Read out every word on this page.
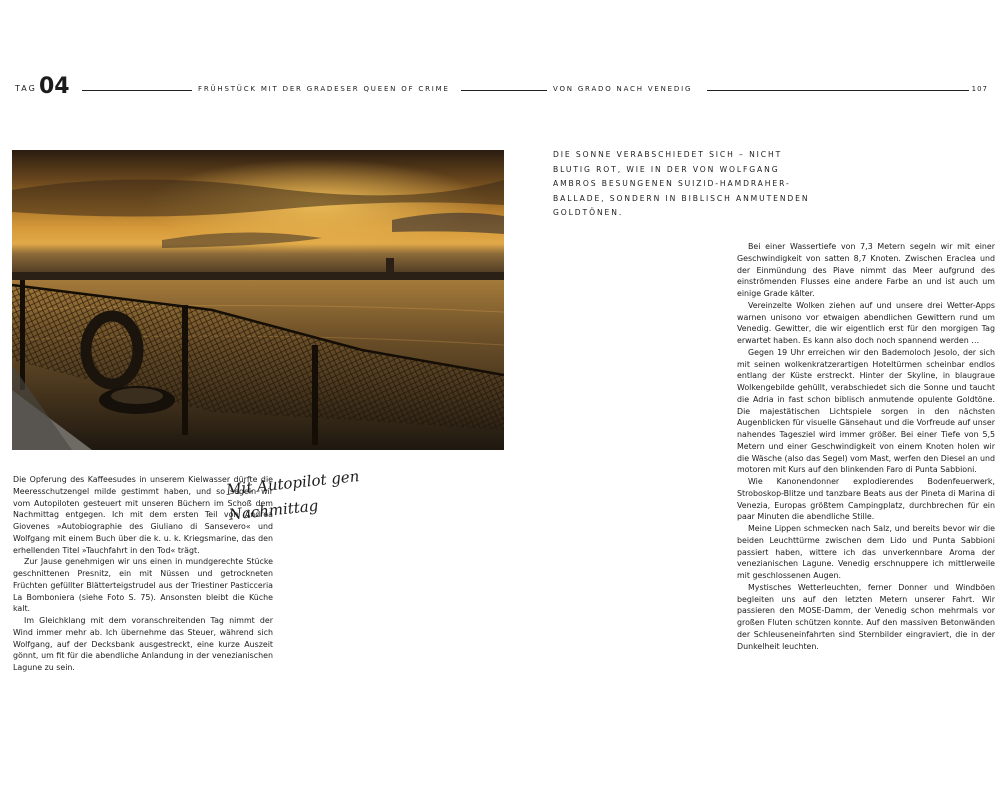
TAG 04	FRÜHSTÜCK MIT DER GRADESER QUEEN OF CRIME	VON GRADO NACH VENEDIG	107
DIE SONNE VERABSCHIEDET SICH – NICHT BLUTIG ROT, WIE IN DER VON WOLFGANG AMBROS BESUNGENEN SUIZID-HAMDRAHER-BALLADE, SONDERN IN BIBLISCH ANMUTENDEN GOLDTÖNEN.
Mit Autopilot gen
Nachmittag

Die Opferung des Kaffeesudes in unserem Kielwasser dürfte die Meeresschutzengel milde gestimmt haben, und so segeln wir vom Autopiloten gesteuert mit unseren Büchern im Schoß dem Nachmittag entgegen. Ich mit dem ersten Teil von Andrea Giovenes »Autobiographie des Giuliano di Sansevero« und Wolfgang mit einem Buch über die k. u. k. Kriegsmarine, das den erhellenden Titel »Tauchfahrt in den Tod« trägt.

Zur Jause genehmigen wir uns einen in mundgerechte Stücke geschnittenen Presnitz, ein mit Nüssen und getrockneten Früchten gefüllter Blätterteigstrudel aus der Triestiner Pasticceria La Bomboniera (siehe Foto S. 75). Ansonsten bleibt die Küche kalt.

Im Gleichklang mit dem voranschreitenden Tag nimmt der Wind immer mehr ab. Ich übernehme das Steuer, während sich Wolfgang, auf der Decksbank ausgestreckt, eine kurze Auszeit gönnt, um fit für die abendliche Anlandung in der venezianischen Lagune zu sein.

Bei einer Wassertiefe von 7,3 Metern segeln wir mit einer Geschwindigkeit von satten 8,7 Knoten. Zwischen Eraclea und der Einmündung des Piave nimmt das Meer aufgrund des einströmenden Flusses eine andere Farbe an und ist auch um einige Grade kälter.

Vereinzelte Wolken ziehen auf und unsere drei Wetter-Apps warnen unisono vor etwaigen abendlichen Gewittern rund um Venedig. Gewitter, die wir eigentlich erst für den morgigen Tag erwartet haben. Es kann also doch noch spannend werden …

Gegen 19 Uhr erreichen wir den Bademoloch Jesolo, der sich mit seinen wolkenkratzerartigen Hoteltürmen scheinbar endlos entlang der Küste erstreckt. Hinter der Skyline, in blaugraue Wolkengebilde gehüllt, verabschiedet sich die Sonne und taucht die Adria in fast schon biblisch anmutende opulente Goldtöne. Die majestätischen Lichtspiele sorgen in den nächsten Augenblicken für visuelle Gänsehaut und die Vorfreude auf unser nahendes Tagesziel wird immer größer. Bei einer Tiefe von 5,5 Metern und einer Geschwindigkeit von einem Knoten holen wir die Wäsche (also das Segel) vom Mast, werfen den Diesel an und motoren mit Kurs auf den blinkenden Faro di Punta Sabbioni.

Wie Kanonendonner explodierendes Bodenfeuerwerk, Stroboskop-Blitze und tanzbare Beats aus der Pineta di Marina di Venezia, Europas größtem Campingplatz, durchbrechen für ein paar Minuten die abendliche Stille.

Meine Lippen schmecken nach Salz, und bereits bevor wir die beiden Leuchttürme zwischen dem Lido und Punta Sabbioni passiert haben, wittere ich das unverkennbare Aroma der venezianischen Lagune. Venedig erschnuppere ich mittlerweile mit geschlossenen Augen.

Mystisches Wetterleuchten, ferner Donner und Windböen begleiten uns auf den letzten Metern unserer Fahrt. Wir passieren den MOSE-Damm, der Venedig schon mehrmals vor großen Fluten schützen konnte. Auf den massiven Betonwänden der Schleuseneinfahrten sind Sternbilder eingraviert, die in der Dunkelheit leuchten.
